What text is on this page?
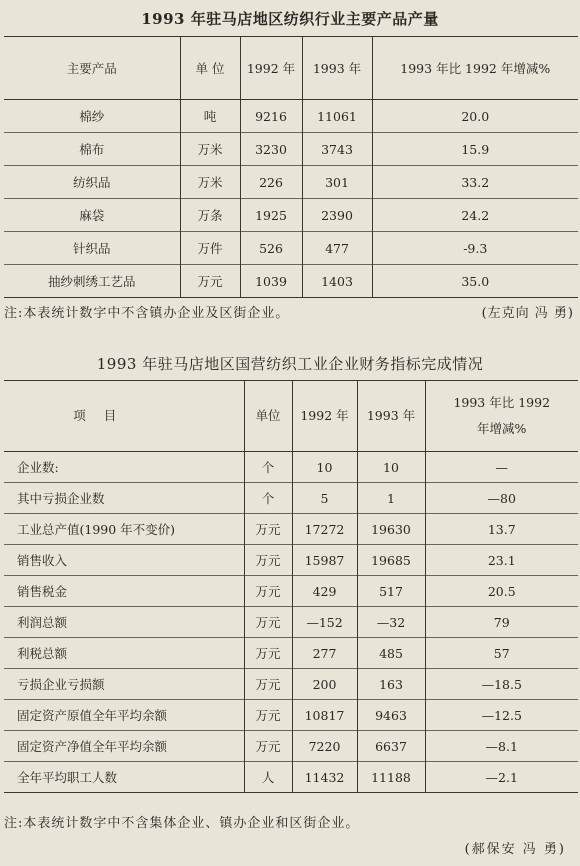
1993 年驻马店地区纺织行业主要产品产量
主要产品	单 位	1992 年	1993 年	1993 年比 1992 年增减%
棉纱	吨	9216	11061	20.0
棉布	万米	3230	3743	15.9
纺织品	万米	226	301	33.2
麻袋	万条	1925	2390	24.2
针织品	万件	526	477	-9.3
抽纱刺绣工艺品	万元	1039	1403	35.0
注:本表统计数字中不含镇办企业及区街企业。	(左克向 冯 勇)
1993 年驻马店地区国营纺织工业企业财务指标完成情况
项目	单位	1992 年	1993 年	1993 年比 1992
年增减%

企业数:	个	10	10	—
其中亏损企业数	个	5	1	—80
工业总产值(1990 年不变价)	万元	17272	19630	13.7
销售收入	万元	15987	19685	23.1
销售税金	万元	429	517	20.5
利润总额	万元	—152	—32	79
利税总额	万元	277	485	57
亏损企业亏损额	万元	200	163	—18.5
固定资产原值全年平均余额	万元	10817	9463	—12.5
固定资产净值全年平均余额	万元	7220	6637	—8.1
全年平均职工人数	人	11432	11188	—2.1
注:本表统计数字中不含集体企业、镇办企业和区街企业。
(郝保安 冯 勇)
